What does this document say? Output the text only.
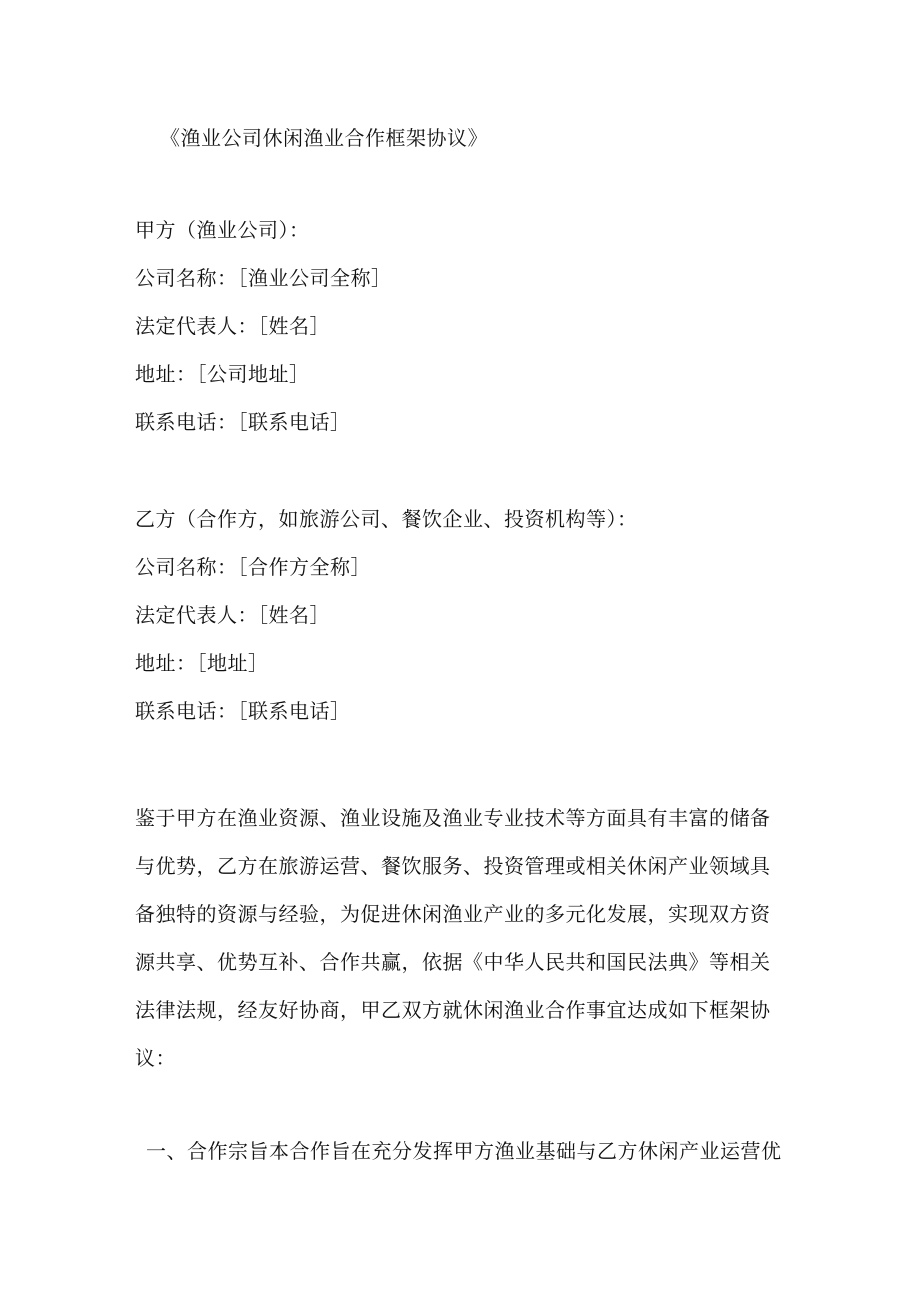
《渔业公司休闲渔业合作框架协议》
甲方（渔业公司）：
公司名称：［渔业公司全称］
法定代表人：［姓名］
地址：［公司地址］
联系电话：［联系电话］
乙方（合作方，如旅游公司、餐饮企业、投资机构等）：
公司名称：［合作方全称］
法定代表人：［姓名］
地址：［地址］
联系电话：［联系电话］
鉴于甲方在渔业资源、渔业设施及渔业专业技术等方面具有丰富的储备
与优势，乙方在旅游运营、餐饮服务、投资管理或相关休闲产业领域具
备独特的资源与经验，为促进休闲渔业产业的多元化发展，实现双方资
源共享、优势互补、合作共赢，依据《中华人民共和国民法典》等相关
法律法规，经友好协商，甲乙双方就休闲渔业合作事宜达成如下框架协
议：
一、合作宗旨本合作旨在充分发挥甲方渔业基础与乙方休闲产业运营优
